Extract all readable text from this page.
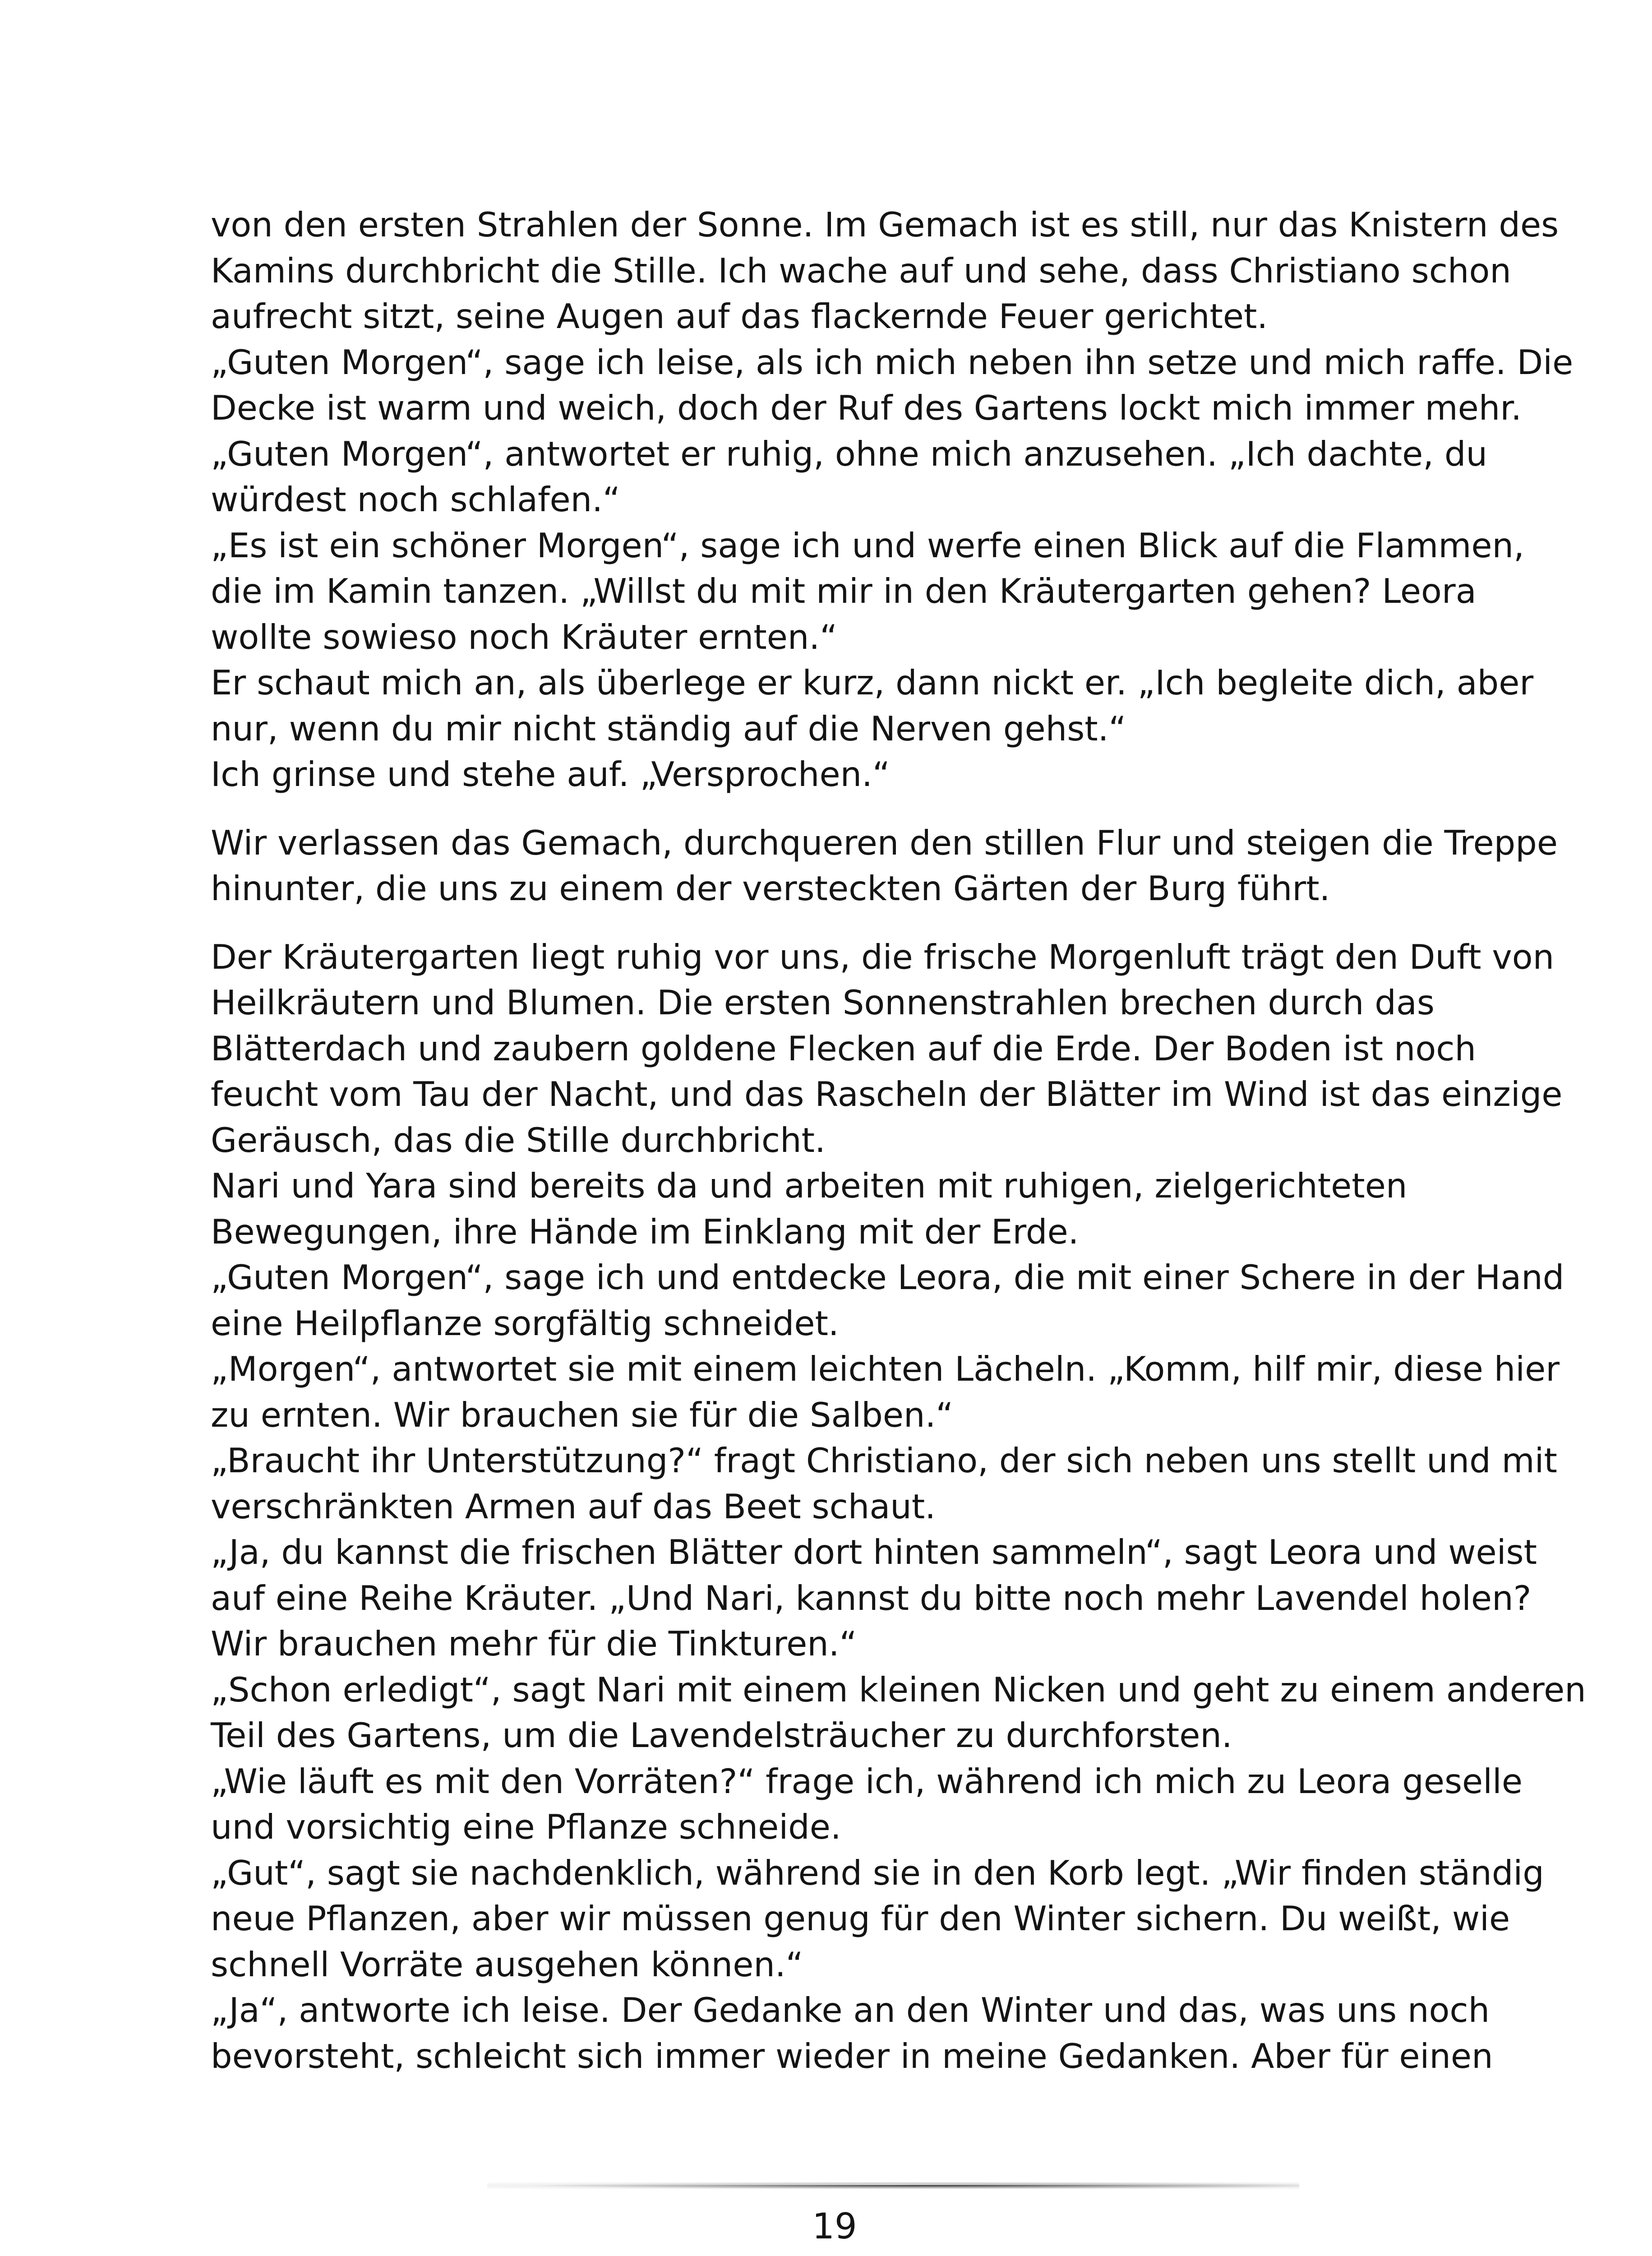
von den ersten Strahlen der Sonne. Im Gemach ist es still, nur das Knistern des
Kamins durchbricht die Stille. Ich wache auf und sehe, dass Christiano schon
aufrecht sitzt, seine Augen auf das flackernde Feuer gerichtet.
„Guten Morgen“, sage ich leise, als ich mich neben ihn setze und mich raffe. Die
Decke ist warm und weich, doch der Ruf des Gartens lockt mich immer mehr.
„Guten Morgen“, antwortet er ruhig, ohne mich anzusehen. „Ich dachte, du
würdest noch schlafen.“
„Es ist ein schöner Morgen“, sage ich und werfe einen Blick auf die Flammen,
die im Kamin tanzen. „Willst du mit mir in den Kräutergarten gehen? Leora
wollte sowieso noch Kräuter ernten.“
Er schaut mich an, als überlege er kurz, dann nickt er. „Ich begleite dich, aber
nur, wenn du mir nicht ständig auf die Nerven gehst.“
Ich grinse und stehe auf. „Versprochen.“

Wir verlassen das Gemach, durchqueren den stillen Flur und steigen die Treppe
hinunter, die uns zu einem der versteckten Gärten der Burg führt.

Der Kräutergarten liegt ruhig vor uns, die frische Morgenluft trägt den Duft von
Heilkräutern und Blumen. Die ersten Sonnenstrahlen brechen durch das
Blätterdach und zaubern goldene Flecken auf die Erde. Der Boden ist noch
feucht vom Tau der Nacht, und das Rascheln der Blätter im Wind ist das einzige
Geräusch, das die Stille durchbricht.
Nari und Yara sind bereits da und arbeiten mit ruhigen, zielgerichteten
Bewegungen, ihre Hände im Einklang mit der Erde.
„Guten Morgen“, sage ich und entdecke Leora, die mit einer Schere in der Hand
eine Heilpflanze sorgfältig schneidet.
„Morgen“, antwortet sie mit einem leichten Lächeln. „Komm, hilf mir, diese hier
zu ernten. Wir brauchen sie für die Salben.“
„Braucht ihr Unterstützung?“ fragt Christiano, der sich neben uns stellt und mit
verschränkten Armen auf das Beet schaut.
„Ja, du kannst die frischen Blätter dort hinten sammeln“, sagt Leora und weist
auf eine Reihe Kräuter. „Und Nari, kannst du bitte noch mehr Lavendel holen?
Wir brauchen mehr für die Tinkturen.“
„Schon erledigt“, sagt Nari mit einem kleinen Nicken und geht zu einem anderen
Teil des Gartens, um die Lavendelsträucher zu durchforsten.
„Wie läuft es mit den Vorräten?“ frage ich, während ich mich zu Leora geselle
und vorsichtig eine Pflanze schneide.
„Gut“, sagt sie nachdenklich, während sie in den Korb legt. „Wir finden ständig
neue Pflanzen, aber wir müssen genug für den Winter sichern. Du weißt, wie
schnell Vorräte ausgehen können.“
„Ja“, antworte ich leise. Der Gedanke an den Winter und das, was uns noch
bevorsteht, schleicht sich immer wieder in meine Gedanken. Aber für einen

19
